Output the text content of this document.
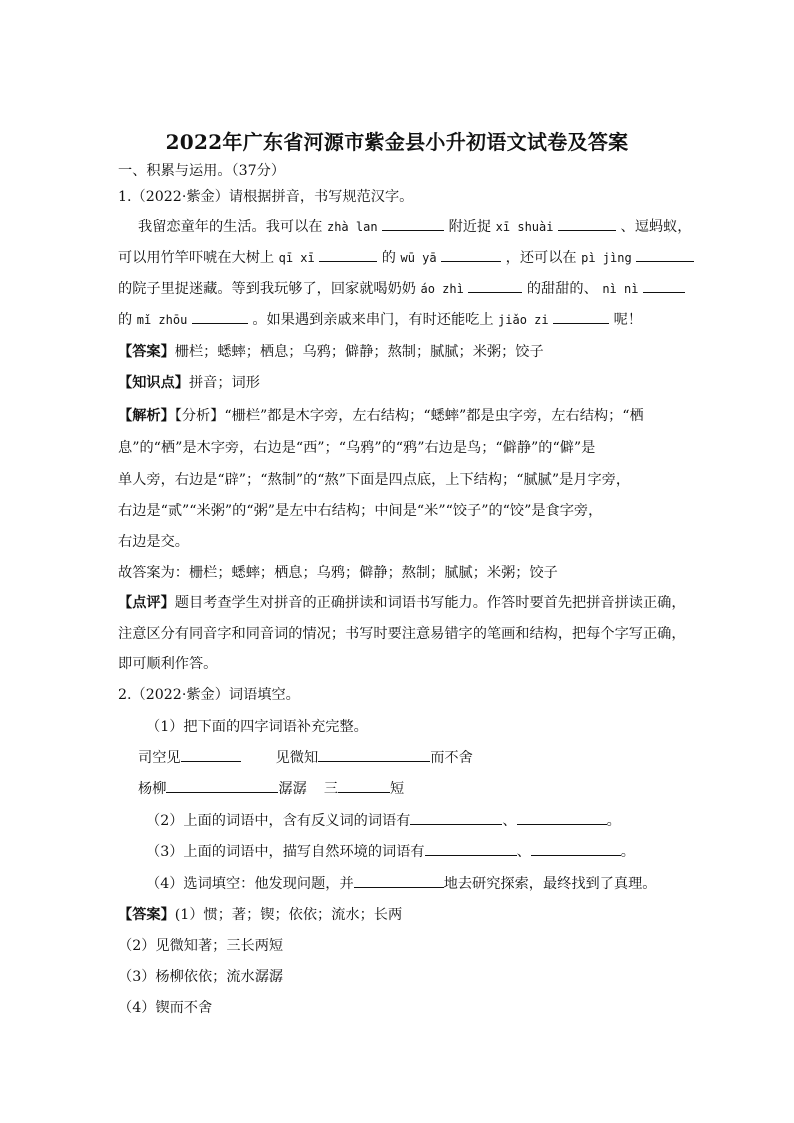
2022年广东省河源市紫金县小升初语文试卷及答案
一、积累与运用。（37分）
1.（2022·紫金）请根据拼音，书写规范汉字。
我留恋童年的生活。我可以在 zhà lan	附近捉 xī shuài	、逗蚂蚁，
可以用竹竿吓唬在大树上 qī xī	的 wū yā	，还可以在 pì jìng
的院子里捉迷藏。等到我玩够了，回家就喝奶奶 áo zhì	的甜甜的、 nì nì
的 mǐ zhōu	。如果遇到亲戚来串门，有时还能吃上 jiǎo zi	呢！
【答案】栅栏；蟋蟀；栖息；乌鸦；僻静；熬制；腻腻；米粥；饺子
【知识点】拼音；词形
【解析】【分析】“栅栏”都是木字旁，左右结构；“蟋蟀”都是虫字旁，左右结构；“栖
息”的“栖”是木字旁，右边是“西”；“乌鸦”的“鸦”右边是鸟；“僻静”的“僻”是
单人旁，右边是“辟”；“熬制”的“熬”下面是四点底，上下结构；“腻腻”是月字旁，
右边是“贰”“米粥”的“粥”是左中右结构；中间是“米”“饺子”的“饺”是食字旁，
右边是交。
故答案为：栅栏；蟋蟀；栖息；乌鸦；僻静；熬制；腻腻；米粥；饺子
【点评】题目考查学生对拼音的正确拼读和词语书写能力。作答时要首先把拼音拼读正确，
注意区分有同音字和同音词的情况；书写时要注意易错字的笔画和结构，把每个字写正确，
即可顺利作答。
2.（2022·紫金）词语填空。
（1）把下面的四字词语补充完整。
司空见	见微知	而不舍
杨柳	潺潺 三	短
（2）上面的词语中，含有反义词的词语有	、	。
（3）上面的词语中，描写自然环境的词语有	、	。
（4）选词填空：他发现问题，并	地去研究探索，最终找到了真理。
【答案】(1）惯；著；锲；依依；流水；长两
（2）见微知著；三长两短
（3）杨柳依依；流水潺潺
（4）锲而不舍
